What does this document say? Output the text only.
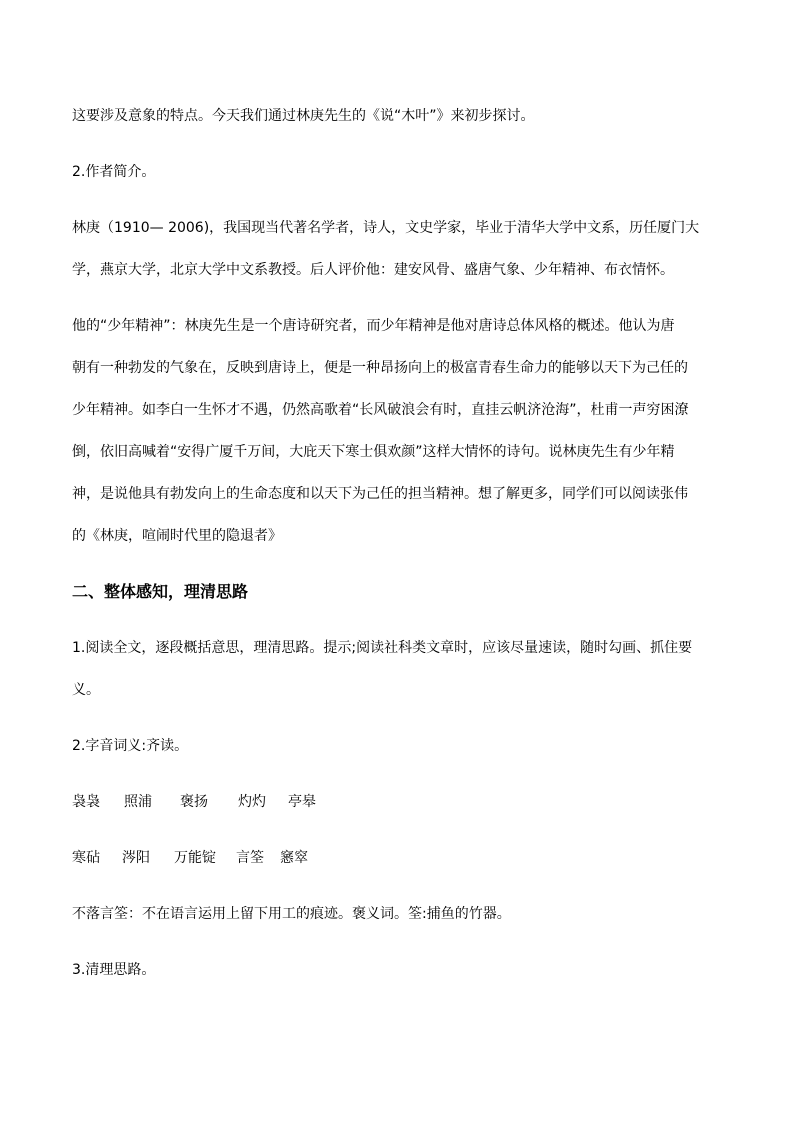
这要涉及意象的特点。今天我们通过林庚先生的《说“木叶”》来初步探讨。
2.作者简介。
林庚（1910— 2006)，我国现当代著名学者，诗人，文史学家，毕业于清华大学中文系，历任厦门大
学，燕京大学，北京大学中文系教授。后人评价他：建安风骨、盛唐气象、少年精神、布衣情怀。
他的“少年精神”：林庚先生是一个唐诗研究者，而少年精神是他对唐诗总体风格的概述。他认为唐
朝有一种勃发的气象在，反映到唐诗上，便是一种昂扬向上的极富青春生命力的能够以天下为己任的
少年精神。如李白一生怀才不遇，仍然高歌着“长风破浪会有时，直挂云帆济沧海”，杜甫一声穷困潦
倒，依旧高喊着“安得广厦千万间，大庇天下寒士俱欢颜”这样大情怀的诗句。说林庚先生有少年精
神，是说他具有勃发向上的生命态度和以天下为己任的担当精神。想了解更多，同学们可以阅读张伟
的《林庚，喧闹时代里的隐退者》
二、整体感知，理清思路
1.阅读全文，逐段概括意思，理清思路。提示;阅读社科类文章时，应该尽量速读，随时勾画、抓住要
义。
2.字音词义:齐读。
袅袅 照浦 褒扬 灼灼 亭皋
寒砧 涔阳 万能锭 言筌 窸窣
不落言筌：不在语言运用上留下用工的痕迹。褒义词。筌:捕鱼的竹器。
3.清理思路。
